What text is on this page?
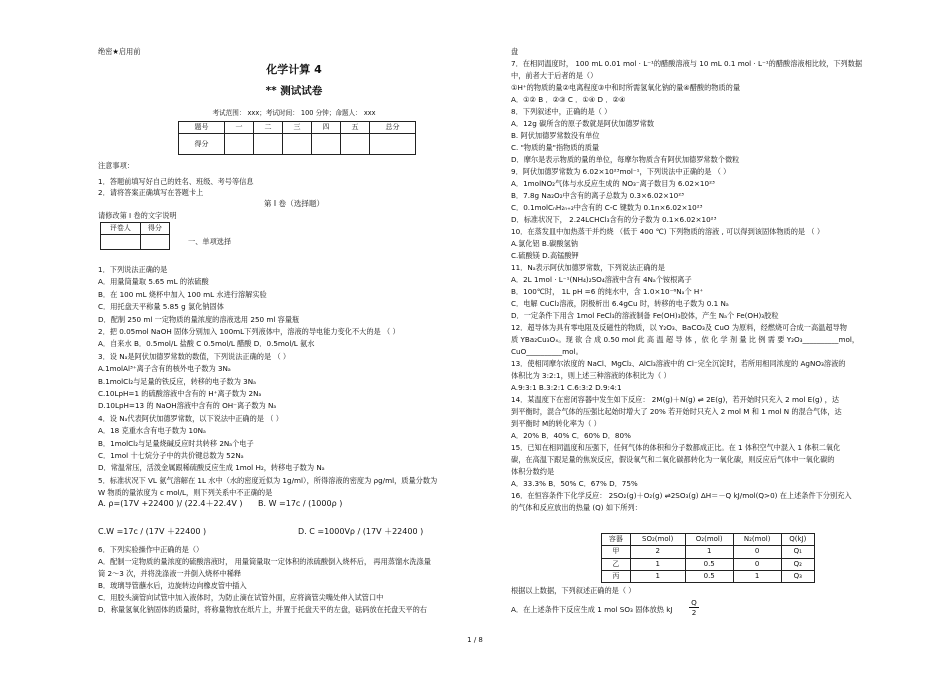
绝密★启用前
化学计算 4
** 测试试卷
考试范围： xxx；考试时间： 100 分钟；命题人： xxx
题号	一	二	三	四	五	总分
得分						
注意事项：
1．答题前填写好自己的姓名、班级、考号等信息
2．请将答案正确填写在答题卡上
第 I 卷（选择题）
请修改第 I 卷的文字说明
评卷人	得分

一、单项选择
1．下列说法正确的是
A．用量筒量取 5.65 mL 的浓硫酸
B．在 100 mL 烧杯中加入 100 mL 水进行溶解实验
C．用托盘天平称量 5.85 g 氯化钠固体
D．配制 250 ml 一定物质的量浓度的溶液选用 250 ml 容量瓶
2．把 0.05mol NaOH 固体分别加入 100mL下列液体中，溶液的导电能力变化不大的是 （ ）
A．自来水 B．0.5mol/L 盐酸 C 0.5mol/L 醋酸 D．0.5mol/L 氨水
3．设 Nₐ是阿伏加德罗常数的数值，下列说法正确的是 （ ）
A.1molAl³⁺离子含有的核外电子数为 3Nₐ
B.1molCl₂与足量的铁反应，转移的电子数为 3Nₐ
C.10LpH=1 的硫酸溶液中含有的 H⁺离子数为 2Nₐ
D.10LpH=13 的 NaOH溶液中含有的 OH⁻离子数为 Nₐ
4．设 Nₐ代表阿伏加德罗常数，以下说法中正确的是 （ ）
A．18 克重水含有电子数为 10Nₐ
B．1molCl₂与足量烧碱反应时共转移 2Nₐ个电子
C．1mol 十七烷分子中的共价键总数为 52Nₐ
D．常温常压，活泼金属跟稀硫酸反应生成 1mol H₂，转移电子数为 Nₐ
5．标准状况下 VL 氨气溶解在 1L 水中（水的密度近似为 1g/ml），所得溶液的密度为 ρg/ml，质量分数为
W 物质的量浓度为 c mol/L，则下列关系中不正确的是
A. ρ=(17V +22400 )/ (22.4＋22.4V ) B. W =17c / (1000ρ )
C.W =17c / (17V ＋22400 )	D. C =1000Vρ / (17V ＋22400 )
6．下列实验操作中正确的是（）
A．配制一定物质的量浓度的硫酸溶液时， 用量筒量取一定体积的浓硫酸倒入烧杯后， 再用蒸馏水洗涤量
筒 2～3 次，并将洗涤液一并倒入烧杯中稀释
B．玻璃导管蘸水后，边旋转边向橡皮管中插入
C．用胶头滴管向试管中加入液体时，为防止滴在试管外面，应将滴管尖嘴处伸入试管口中
D．称量氢氧化钠固体的质量时，将称量物放在纸片上，并置于托盘天平的左盘，砝码放在托盘天平的右
盘
7．在相同温度时， 100 mL 0.01 mol · L⁻¹的醋酸溶液与 10 mL 0.1 mol · L⁻¹的醋酸溶液相比较，下列数据
中，前者大于后者的是（）
①H⁺的物质的量②电离程度③中和时所需氢氧化钠的量④醋酸的物质的量
A．①② B ．②③ C ．①④ D ．②④
8．下列叙述中，正确的是（ ）
A．12g 碳所含的原子数就是阿伏加德罗常数
B. 阿伏加德罗常数没有单位
C. "物质的量"指物质的质量
D．摩尔是表示物质的量的单位，每摩尔物质含有阿伏加德罗常数个微粒
9．阿伏加德罗常数为 6.02×10²³mol⁻¹，下列说法中正确的是 （ ）
A．1molNO₂气体与水反应生成的 NO₃⁻离子数目为 6.02×10²³
B．7.8g Na₂O₂中含有的离子总数为 0.3×6.02×10²³
C．0.1molCₙH₂ₙ₊₂中含有的 C-C 键数为 0.1n×6.02×10²³
D．标准状况下， 2.24LCHCl₃含有的分子数为 0.1×6.02×10²³
10．在蒸发皿中加热蒸干并灼烧 （低于 400 ℃) 下列物质的溶液 , 可以得到该固体物质的是 （ ）
A.氯化铝 B.碳酸氢钠
C.硫酸镁 D.高锰酸钾
11．Nₐ表示阿伏加德罗常数，下列说法正确的是
A．2L 1mol · L⁻¹(NH₄)₂SO₄溶液中含有 4Nₐ个铵根离子
B．100℃时， 1L pH =6 的纯水中，含 1.0×10⁻⁶Nₐ个 H⁺
C．电解 CuCl₂溶液，阴极析出 6.4gCu 时，转移的电子数为 0.1 Nₐ
D．一定条件下用含 1mol FeCl₃的溶液制备 Fe(OH)₃胶体，产生 Nₐ个 Fe(OH)₃胶粒
12．超导体为具有零电阻及反磁性的物质，以 Y₂O₃、BaCO₃及 CuO 为原料，经燃烧可合成一高温超导物
质 YBa₂Cu₃Oₓ。现 欲 合 成 0.50 mol 此 高 温 超 导 体 ，依 化 学 剂 量 比 例 需 要 Y₂O₃__________mol，
CuO__________mol。
13．使相同摩尔浓度的 NaCl、MgCl₂、AlCl₃溶液中的 Cl⁻完全沉淀时，若所用相同浓度的 AgNO₃溶液的
体积比为 3:2:1，则上述三种溶液的体积比为（ ）
A.9:3:1 B.3:2:1 C.6:3:2 D.9:4:1
14．某温度下在密闭容器中发生如下反应： 2M(g)＋N(g) ⇌ 2E(g)，若开始时只充入 2 mol E(g) ，达
到平衡时，混合气体的压强比起始时增大了 20% 若开始时只充入 2 mol M 和 1 mol N 的混合气体，达
到平衡时 M的转化率为（ ）
A．20% B．40% C．60% D．80%
15．已知在相同温度和压强下，任何气体的体积和分子数都成正比。在 1 体积空气中混入 1 体积二氧化
碳，在高温下跟足量的焦炭反应，假设氧气和二氧化碳都转化为一氧化碳，则反应后气体中一氧化碳的
体积分数约是
A．33.3% B．50% C．67% D．75%
16．在恒容条件下化学反应： 2SO₂(g)＋O₂(g) ⇌2SO₃(g) ΔH＝－Q kJ/mol(Q>0) 在上述条件下分别充入
的气体和反应放出的热量 (Q) 如下所列：
容器	SO₂(mol)	O₂(mol)	N₂(mol)	Q(kJ)
甲	2	1	0	Q₁
乙	1	0.5	0	Q₂
丙	1	0.5	1	Q₃
根据以上数据，下列叙述正确的是（ ）
A．在上述条件下反应生成 1 mol SO₃ 固体放热 kJ $\frac{Q}{2}$
1 / 8
